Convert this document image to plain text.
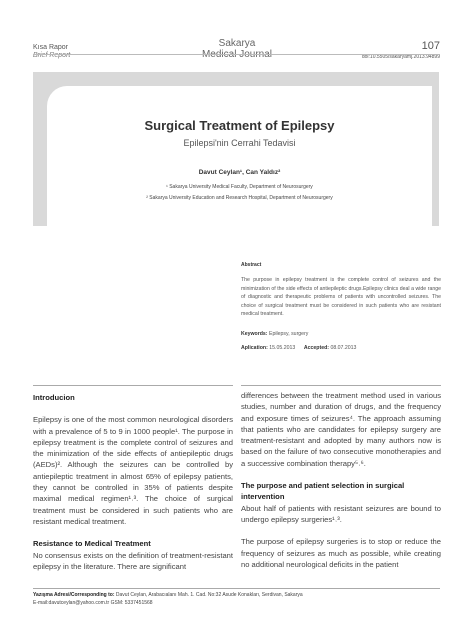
Kısa Rapor
Brief Report
Sakarya
Medical Journal
107
doi:10.5505/sakaryamj.2013.94899
Surgical Treatment of Epilepsy
Epilepsi'nin Cerrahi Tedavisi
Davut Ceylan¹, Can Yaldız²
¹ Sakarya University Medical Faculty, Department of Neurosurgery
² Sakarya University Education and Research Hospital, Department of Neurosurgery
Abstract
The purpose in epilepsy treatment is the complete control of seizures and the minimization of the side effects of antiepileptic drugs.Epilepsy clinics deal a wide range of diagnostic and therapeutic problems of patients with uncontrolled seizures. The choice of surgical treatment must be considered in such patients who are resistant medical treatment.
Keywords: Epilepsy, surgery
Aplication: 15.05.2013 Accepted: 08.07.2013

Introducion

Epilepsy is one of the most common neurological disorders with a prevalence of 5 to 9 in 1000 people¹. The purpose in epilepsy treatment is the complete control of seizures and the minimization of the side effects of antiepileptic drugs (AEDs)². Although the seizures can be controlled by antiepileptic treatment in almost 65% of epilepsy patients, they cannot be controlled in 35% of patients despite maximal medical regimen¹˒³. The choice of surgical treatment must be considered in such patients who are resistant medical treatment.

Resistance to Medical Treatment

No consensus exists on the definition of treatment-resistant epilepsy in the literature. There are significant

differences between the treatment method used in various studies, number and duration of drugs, and the frequency and exposure times of seizures⁴. The approach assuming that patients who are candidates for epilepsy surgery are treatment-resistant and adopted by many authors now is based on the failure of two consecutive monotherapies and a successive combination therapy⁵˒⁶.

The purpose and patient selection in surgical intervention

About half of patients with resistant seizures are bound to undergo epilepsy surgeries¹˒³.

The purpose of epilepsy surgeries is to stop or reduce the frequency of seizures as much as possible, while creating no additional neurological deficits in the patient

Yazışma Adresi/Corresponding to: Davut Ceylan, Arabacıalanı Mah. 1. Cad. No:32 Asude Konakları, Serdivan, Sakarya
E-mail:davutceylan@yahoo.com.tr GSM: 5337451568
